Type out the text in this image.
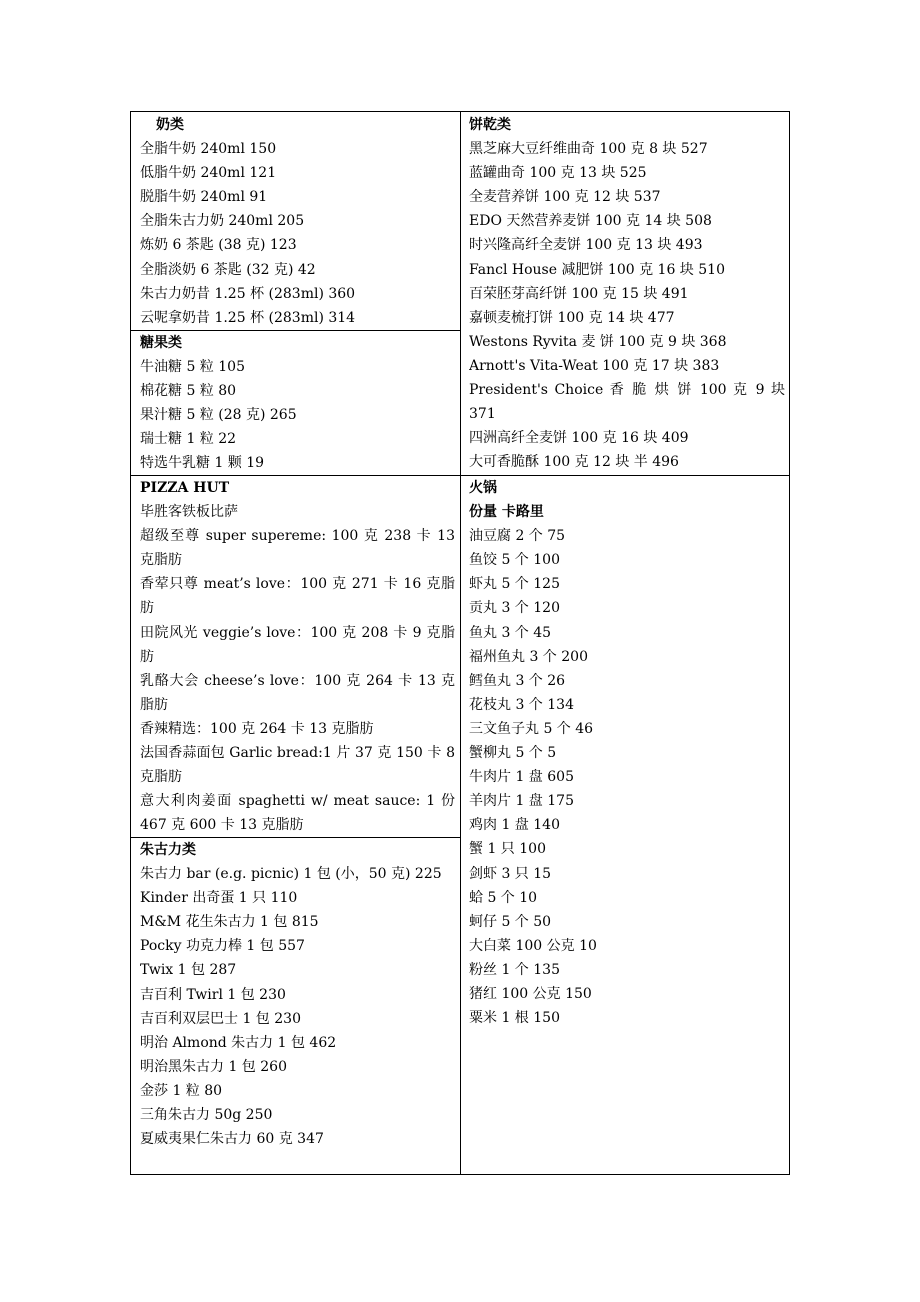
奶类
全脂牛奶 240ml 150
低脂牛奶 240ml 121
脱脂牛奶 240ml 91
全脂朱古力奶 240ml 205
炼奶 6 茶匙 (38 克) 123
全脂淡奶 6 茶匙 (32 克) 42
朱古力奶昔 1.25 杯 (283ml) 360
云呢拿奶昔 1.25 杯 (283ml) 314
糖果类
牛油糖 5 粒 105
棉花糖 5 粒 80
果汁糖 5 粒 (28 克) 265
瑞士糖 1 粒 22
特选牛乳糖 1 颗 19
饼乾类
黑芝麻大豆纤维曲奇 100 克 8 块 527
蓝罐曲奇 100 克 13 块 525
全麦营养饼 100 克 12 块 537
EDO 天然营养麦饼 100 克 14 块 508
时兴隆高纤全麦饼 100 克 13 块 493
Fancl House 减肥饼 100 克 16 块 510
百荣胚芽高纤饼 100 克 15 块 491
嘉顿麦梳打饼 100 克 14 块 477
Westons Ryvita 麦 饼 100 克 9 块 368
Arnott's Vita-Weat 100 克 17 块 383
President's Choice 香 脆 烘 饼 100 克 9 块 371
四洲高纤全麦饼 100 克 16 块 409
大可香脆酥 100 克 12 块 半 496
PIZZA HUT
毕胜客铁板比萨
超级至尊 super supereme: 100 克 238 卡 13 克脂肪
香荤只尊 meat’s love：100 克 271 卡 16 克脂肪
田院风光 veggie’s love：100 克 208 卡 9 克脂肪
乳酪大会 cheese’s love：100 克 264 卡 13 克脂肪
香辣精选：100 克 264 卡 13 克脂肪
法国香蒜面包 Garlic bread:1 片 37 克 150 卡 8 克脂肪
意大利肉姜面 spaghetti w/ meat sauce: 1 份 467 克 600 卡 13 克脂肪
朱古力类
朱古力 bar (e.g. picnic) 1 包 (小，50 克) 225
Kinder 出奇蛋 1 只 110
M&M 花生朱古力 1 包 815
Pocky 功克力棒 1 包 557
Twix 1 包 287
吉百利 Twirl 1 包 230
吉百利双层巴士 1 包 230
明治 Almond 朱古力 1 包 462
明治黑朱古力 1 包 260
金莎 1 粒 80
三角朱古力 50g 250
夏威夷果仁朱古力 60 克 347
火锅
份量 卡路里
油豆腐 2 个 75
鱼饺 5 个 100
虾丸 5 个 125
贡丸 3 个 120
鱼丸 3 个 45
福州鱼丸 3 个 200
鳕鱼丸 3 个 26
花枝丸 3 个 134
三文鱼子丸 5 个 46
蟹柳丸 5 个 5
牛肉片 1 盘 605
羊肉片 1 盘 175
鸡肉 1 盘 140
蟹 1 只 100
剑虾 3 只 15
蛤 5 个 10
蚵仔 5 个 50
大白菜 100 公克 10
粉丝 1 个 135
猪红 100 公克 150
粟米 1 根 150
